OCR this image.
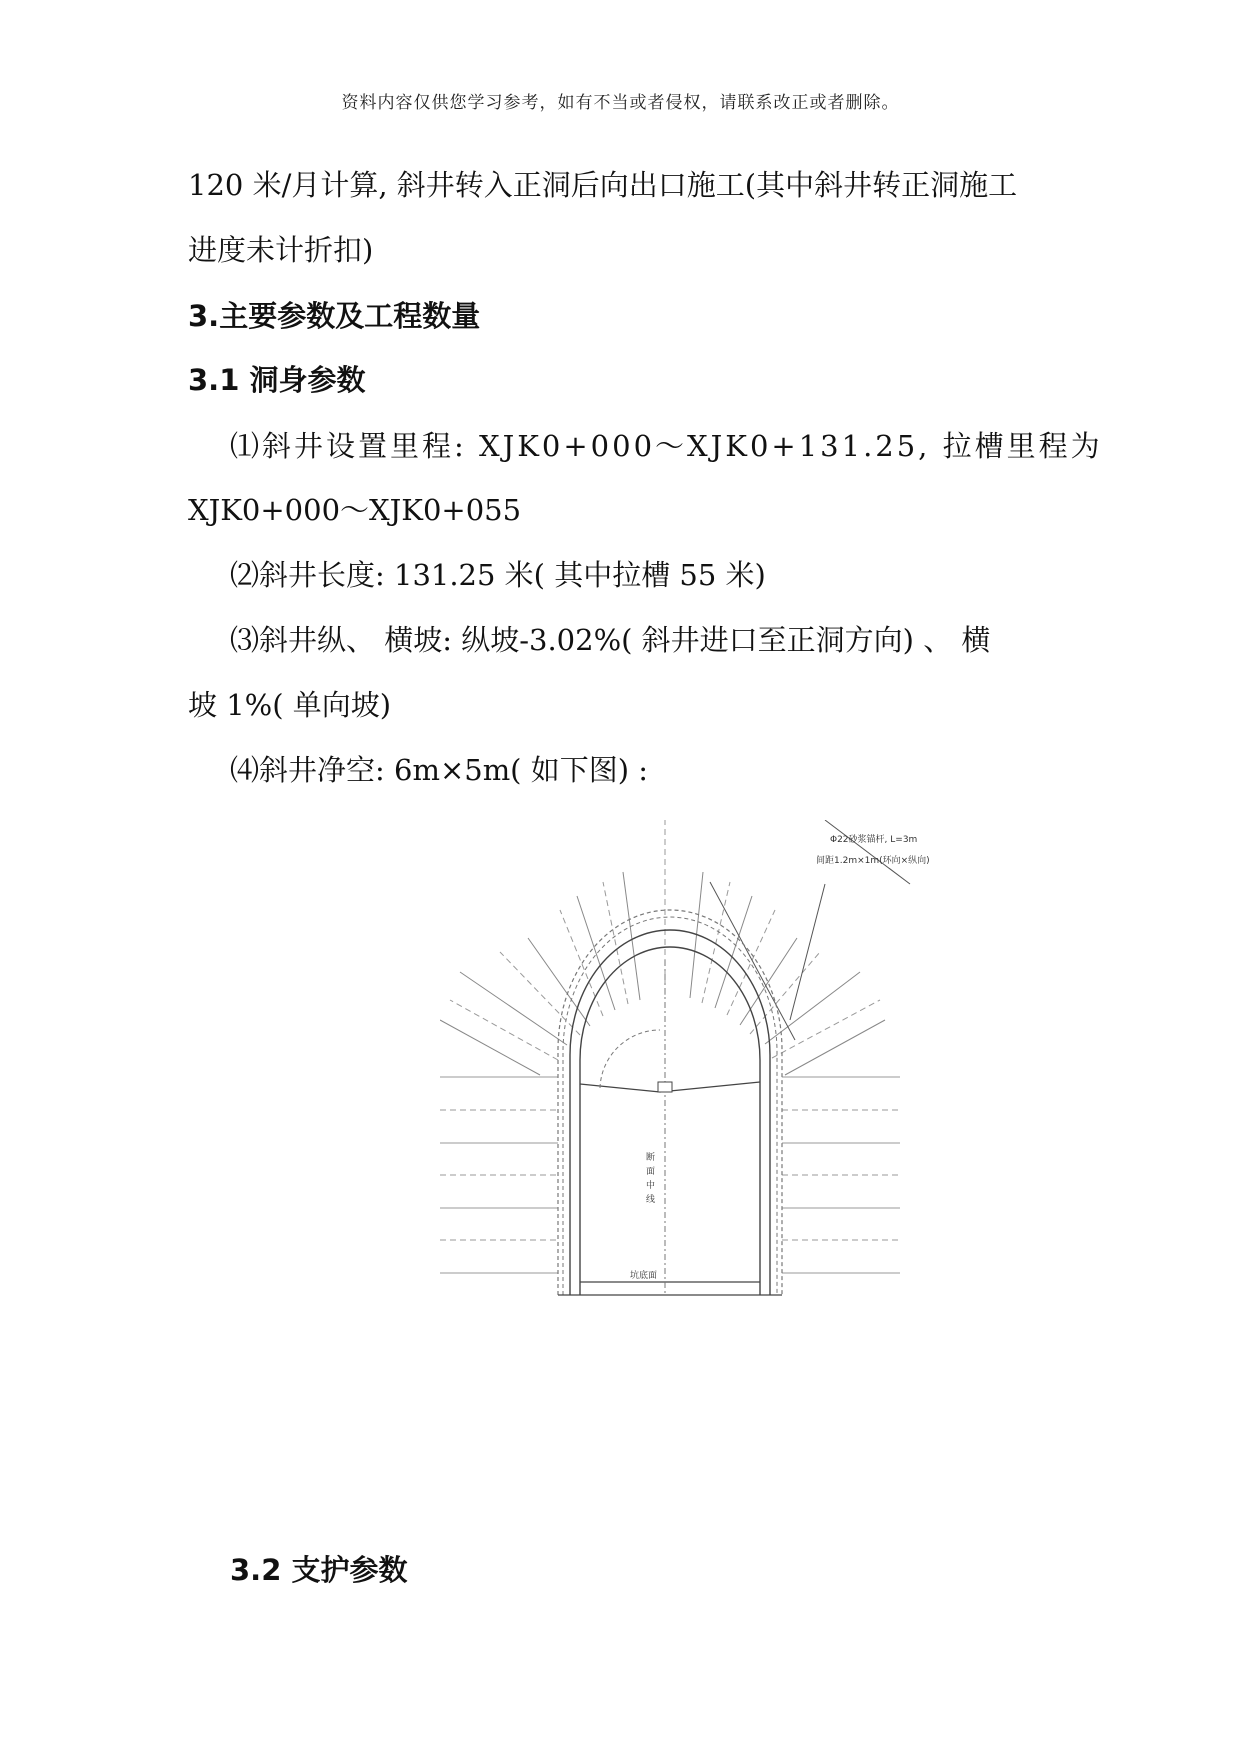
资料内容仅供您学习参考，如有不当或者侵权，请联系改正或者删除。
120 米/月计算, 斜井转入正洞后向出口施工(其中斜井转正洞施工
进度未计折扣)
3.主要参数及工程数量
3.1 洞身参数
⑴斜井设置里程: XJK0+000～XJK0+131.25, 拉槽里程为
XJK0+000～XJK0+055
⑵斜井长度: 131.25 米( 其中拉槽 55 米)
⑶斜井纵、 横坡: 纵坡-3.02%( 斜井进口至正洞方向) 、 横
坡 1%( 单向坡)
⑷斜井净空: 6m×5m( 如下图) :
Φ22砂浆锚杆, L=3m
间距1.2m×1m(环向×纵向)
断
面
中
线
坑底面
3.2 支护参数
